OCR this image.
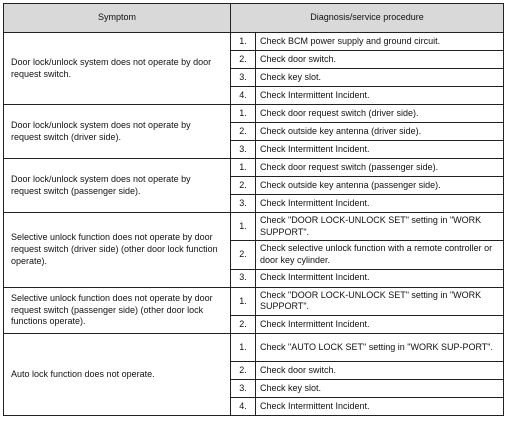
Symptom	Diagnosis/service procedure	
Door lock/unlock system does not operate by door request switch.	1.	Check BCM power supply and ground circuit.
	2.	Check door switch.
	3.	Check key slot.
	4.	Check Intermittent Incident.
Door lock/unlock system does not operate by request switch (driver side).	1.	Check door request switch (driver side).
	2.	Check outside key antenna (driver side).
	3.	Check Intermittent Incident.
Door lock/unlock system does not operate by request switch (passenger side).	1.	Check door request switch (passenger side).
	2.	Check outside key antenna (passenger side).
	3.	Check Intermittent Incident.
Selective unlock function does not operate by door request switch (driver side) (other door lock function operate).	1.	Check "DOOR LOCK-UNLOCK SET" setting in "WORK SUPPORT".
	2.	Check selective unlock function with a remote controller or door key cylinder.
	3.	Check Intermittent Incident.
Selective unlock function does not operate by door request switch (passenger side) (other door lock functions operate).	1.	Check "DOOR LOCK-UNLOCK SET" setting in "WORK SUPPORT".
	2.	Check Intermittent Incident.
Auto lock function does not operate.	1.	Check "AUTO LOCK SET" setting in "WORK SUP-PORT".
	2.	Check door switch.
	3.	Check key slot.
	4.	Check Intermittent Incident.
